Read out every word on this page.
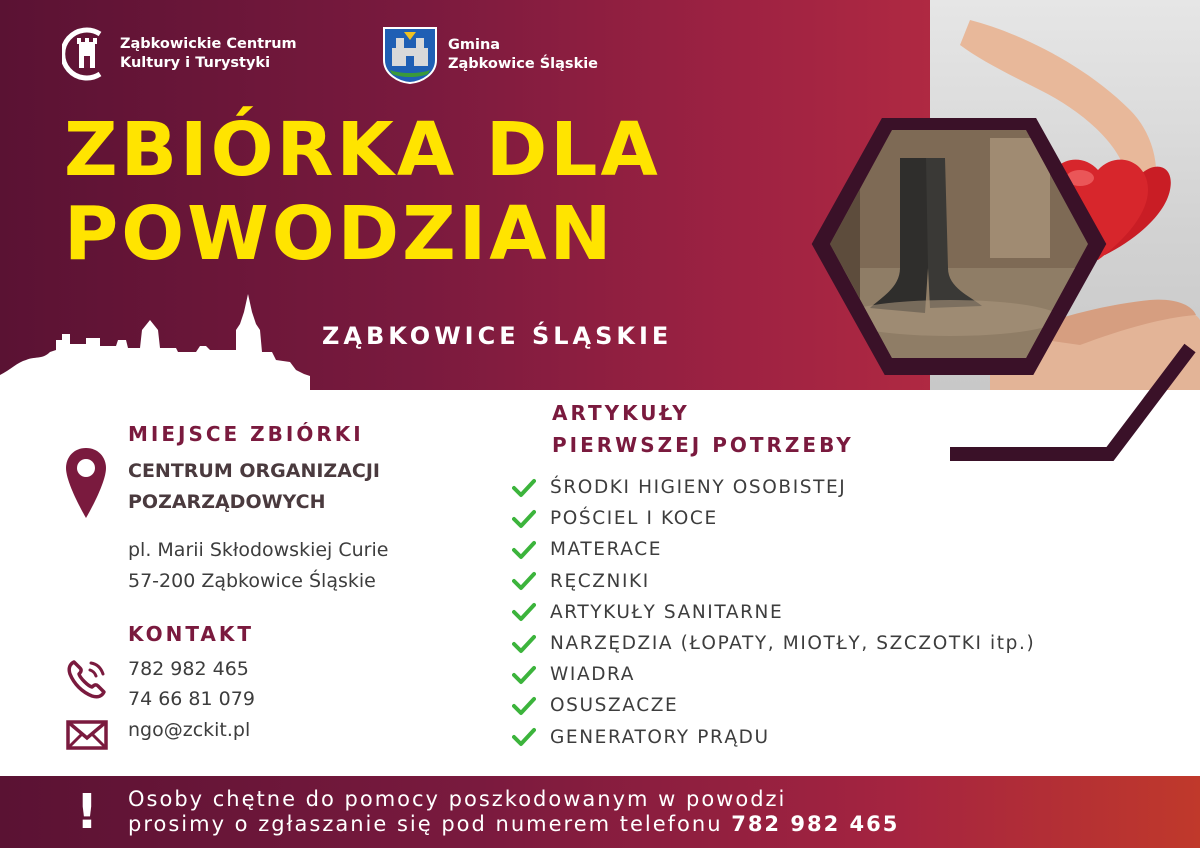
Ząbkowickie Centrum
Kultury i Turystyki
Gmina
Ząbkowice Śląskie
ZBIÓRKA DLA
POWODZIAN
ZĄBKOWICE ŚLĄSKIE
MIEJSCE ZBIÓRKI
CENTRUM ORGANIZACJI
POZARZĄDOWYCH
pl. Marii Skłodowskiej Curie
57-200 Ząbkowice Śląskie
KONTAKT
782 982 465
74 66 81 079
ngo@zckit.pl
ARTYKUŁY
PIERWSZEJ POTRZEBY
ŚRODKI HIGIENY OSOBISTEJ
POŚCIEL I KOCE
MATERACE
RĘCZNIKI
ARTYKUŁY SANITARNE
NARZĘDZIA (ŁOPATY, MIOTŁY, SZCZOTKI itp.)
WIADRA
OSUSZACZE
GENERATORY PRĄDU
! Osoby chętne do pomocy poszkodowanym w powodzi
prosimy o zgłaszanie się pod numerem telefonu 782 982 465
